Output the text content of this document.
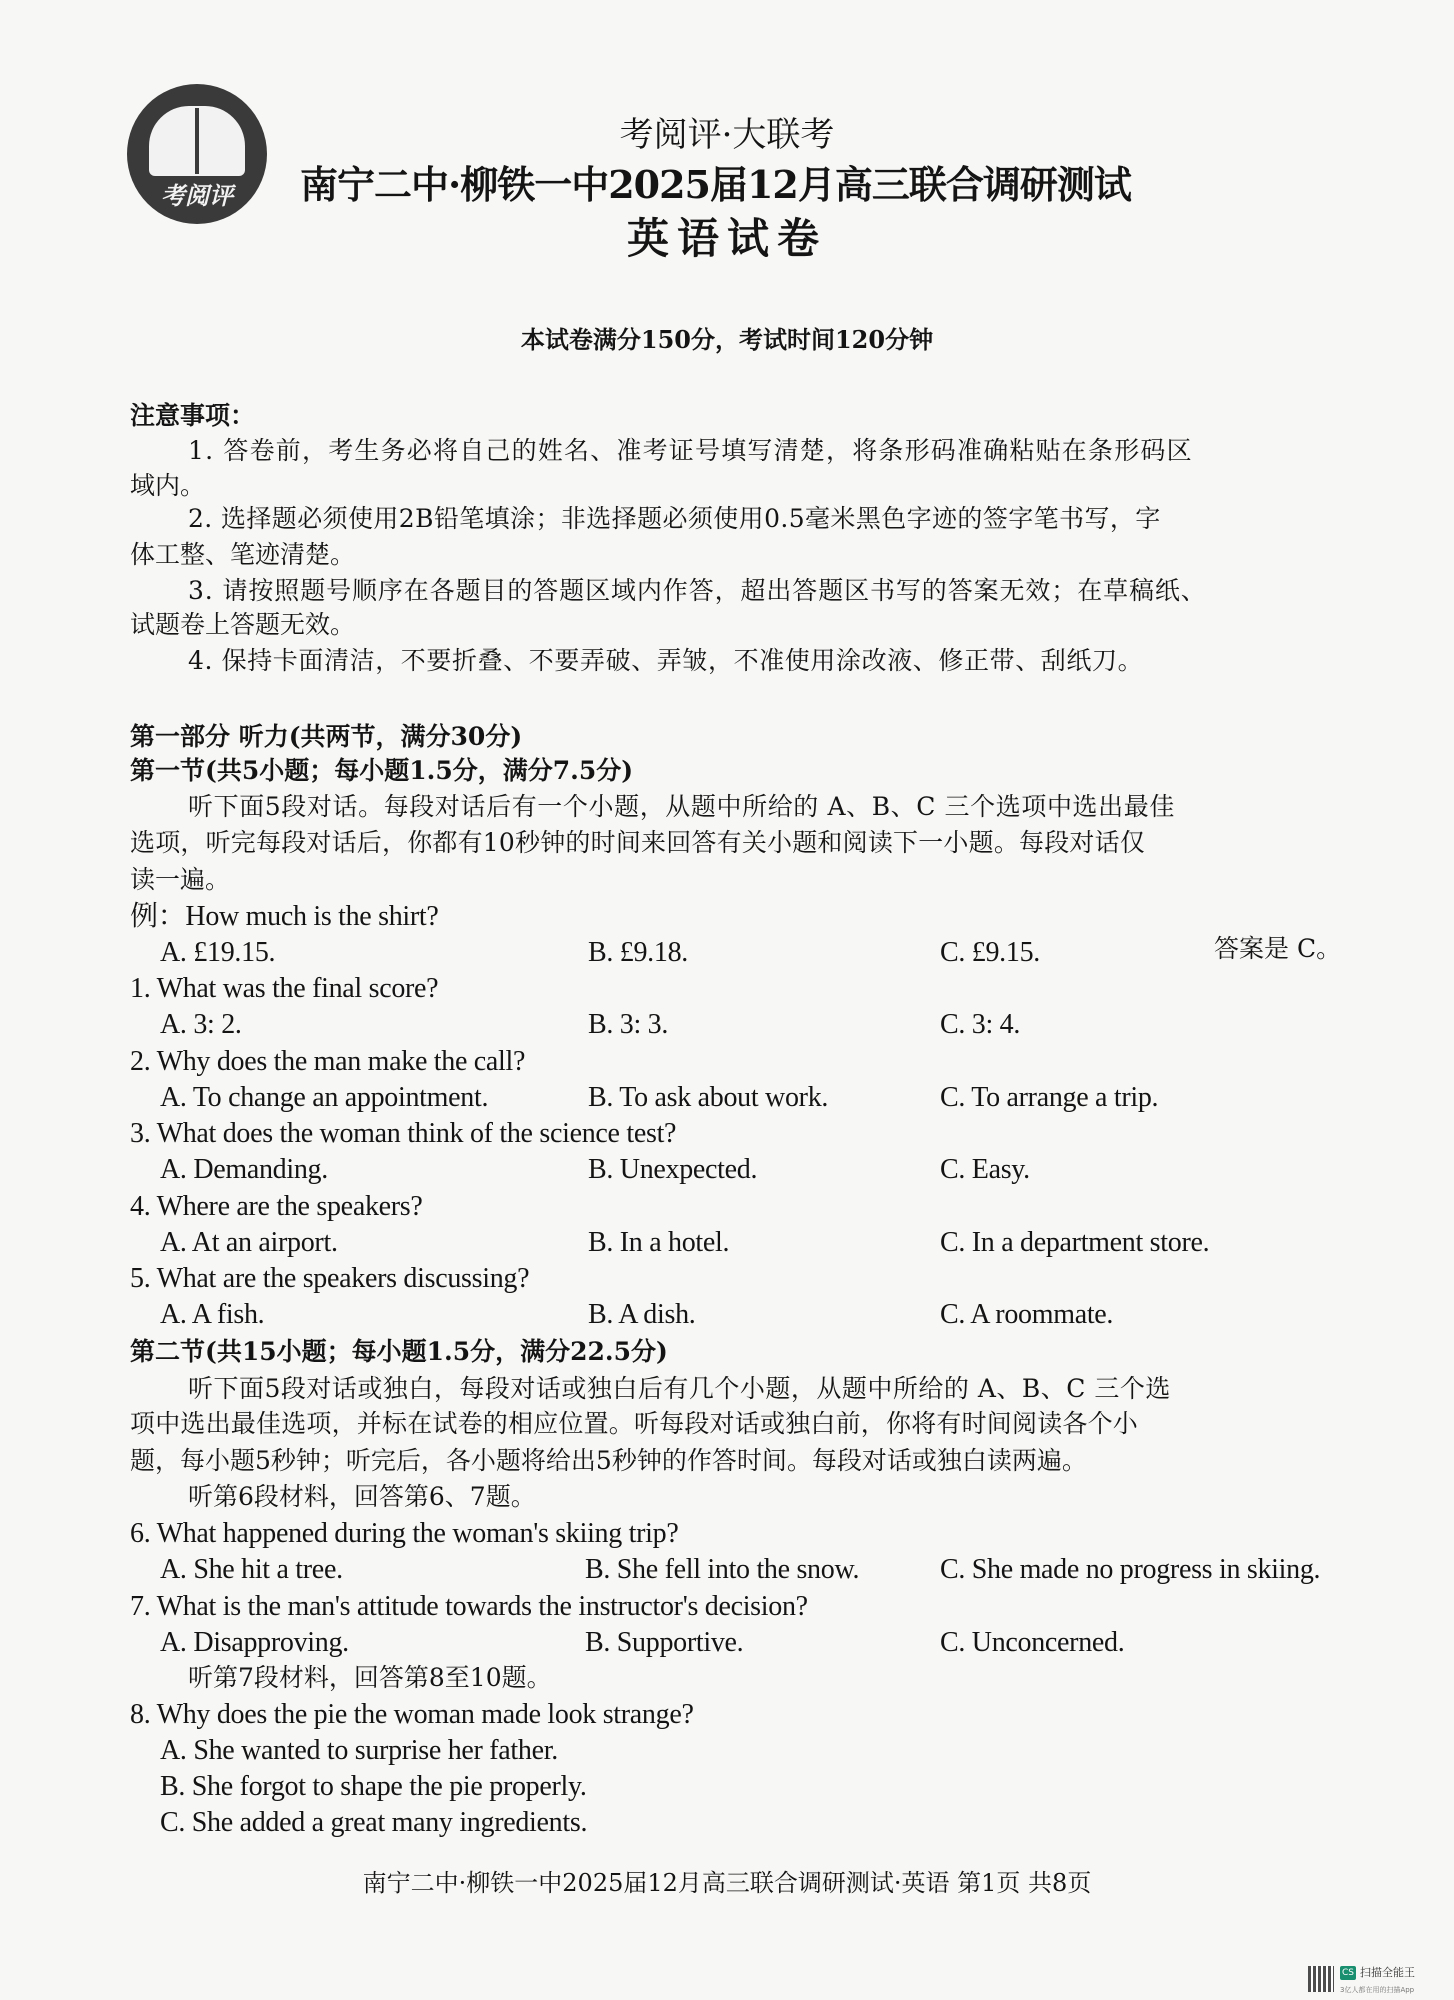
考阅评
考阅评·大联考
南宁二中·柳铁一中2025届12月高三联合调研测试
英语试卷
本试卷满分150分，考试时间120分钟
注意事项：
1. 答卷前，考生务必将自己的姓名、准考证号填写清楚，将条形码准确粘贴在条形码区
域内。
2. 选择题必须使用2B铅笔填涂；非选择题必须使用0.5毫米黑色字迹的签字笔书写，字
体工整、笔迹清楚。
3. 请按照题号顺序在各题目的答题区域内作答，超出答题区书写的答案无效；在草稿纸、
试题卷上答题无效。
4. 保持卡面清洁，不要折叠、不要弄破、弄皱，不准使用涂改液、修正带、刮纸刀。
第一部分 听力(共两节，满分30分)
第一节(共5小题；每小题1.5分，满分7.5分)
听下面5段对话。每段对话后有一个小题，从题中所给的 A、B、C 三个选项中选出最佳
选项，听完每段对话后，你都有10秒钟的时间来回答有关小题和阅读下一小题。每段对话仅
读一遍。
例：How much is the shirt?
A. £19.15.	B. £9.18.	C. £9.15.	答案是 C。
1. What was the final score?
A. 3: 2.	B. 3: 3.	C. 3: 4.
2. Why does the man make the call?
A. To change an appointment.	B. To ask about work.	C. To arrange a trip.
3. What does the woman think of the science test?
A. Demanding.	B. Unexpected.	C. Easy.
4. Where are the speakers?
A. At an airport.	B. In a hotel.	C. In a department store.
5. What are the speakers discussing?
A. A fish.	B. A dish.	C. A roommate.
第二节(共15小题；每小题1.5分，满分22.5分)
听下面5段对话或独白，每段对话或独白后有几个小题，从题中所给的 A、B、C 三个选
项中选出最佳选项，并标在试卷的相应位置。听每段对话或独白前，你将有时间阅读各个小
题，每小题5秒钟；听完后，各小题将给出5秒钟的作答时间。每段对话或独白读两遍。
听第6段材料，回答第6、7题。
6. What happened during the woman's skiing trip?
A. She hit a tree.	B. She fell into the snow.	C. She made no progress in skiing.
7. What is the man's attitude towards the instructor's decision?
A. Disapproving.	B. Supportive.	C. Unconcerned.
听第7段材料，回答第8至10题。
8. Why does the pie the woman made look strange?
A. She wanted to surprise her father.
B. She forgot to shape the pie properly.
C. She added a great many ingredients.
南宁二中·柳铁一中2025届12月高三联合调研测试·英语 第1页 共8页
CS 扫描全能王
3亿人都在用的扫描App
